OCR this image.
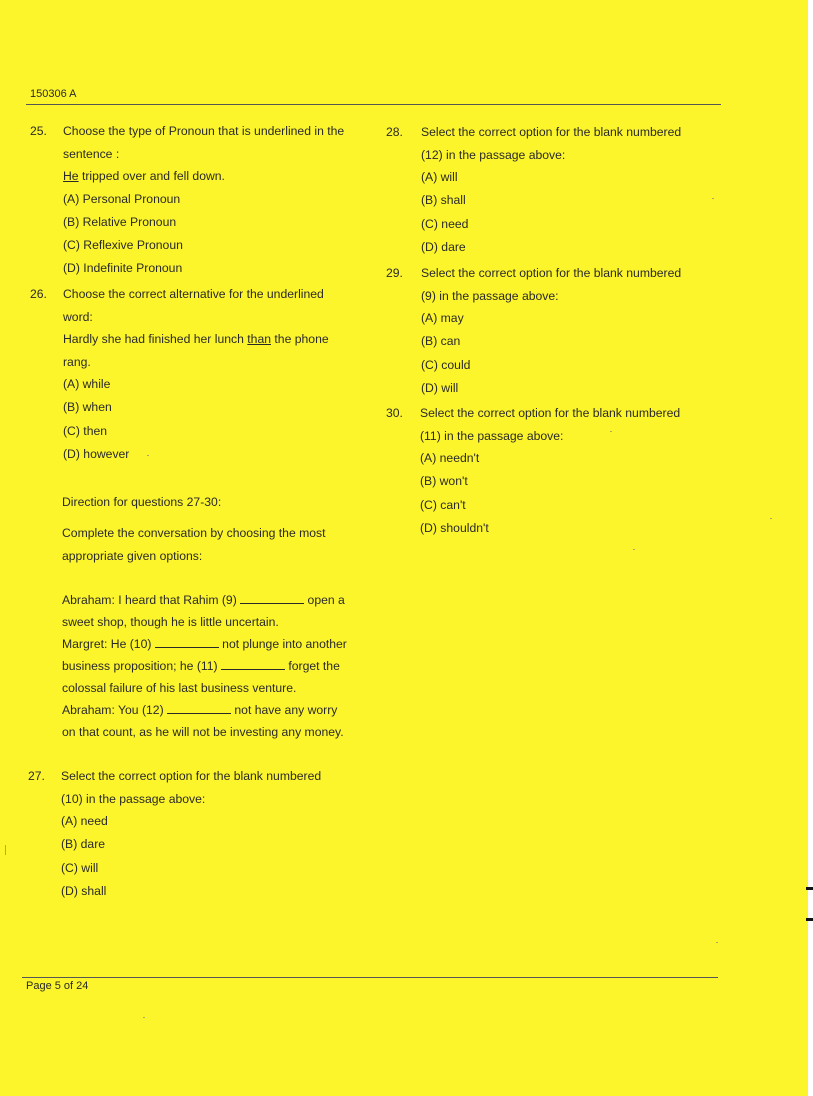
150306 A
25. Choose the type of Pronoun that is underlined in the
sentence :
He tripped over and fell down.
(A) Personal Pronoun
(B) Relative Pronoun
(C) Reflexive Pronoun
(D) Indefinite Pronoun
26. Choose the correct alternative for the underlined
word:
Hardly she had finished her lunch than the phone
rang.
(A) while
(B) when
(C) then
(D) however
Direction for questions 27-30:
Complete the conversation by choosing the most
appropriate given options:
Abraham: I heard that Rahim (9)	open a
sweet shop, though he is little uncertain.
Margret: He (10)	not plunge into another
business proposition; he (11)	forget the
colossal failure of his last business venture.
Abraham: You (12)	not have any worry
on that count, as he will not be investing any money.
27. Select the correct option for the blank numbered
(10) in the passage above:
(A) need
(B) dare
(C) will
(D) shall
28. Select the correct option for the blank numbered
(12) in the passage above:
(A) will
(B) shall
(C) need
(D) dare
29. Select the correct option for the blank numbered
(9) in the passage above:
(A) may
(B) can
(C) could
(D) will
30. Select the correct option for the blank numbered
(11) in the passage above:
(A) needn't
(B) won't
(C) can't
(D) shouldn't
Page 5 of 24
